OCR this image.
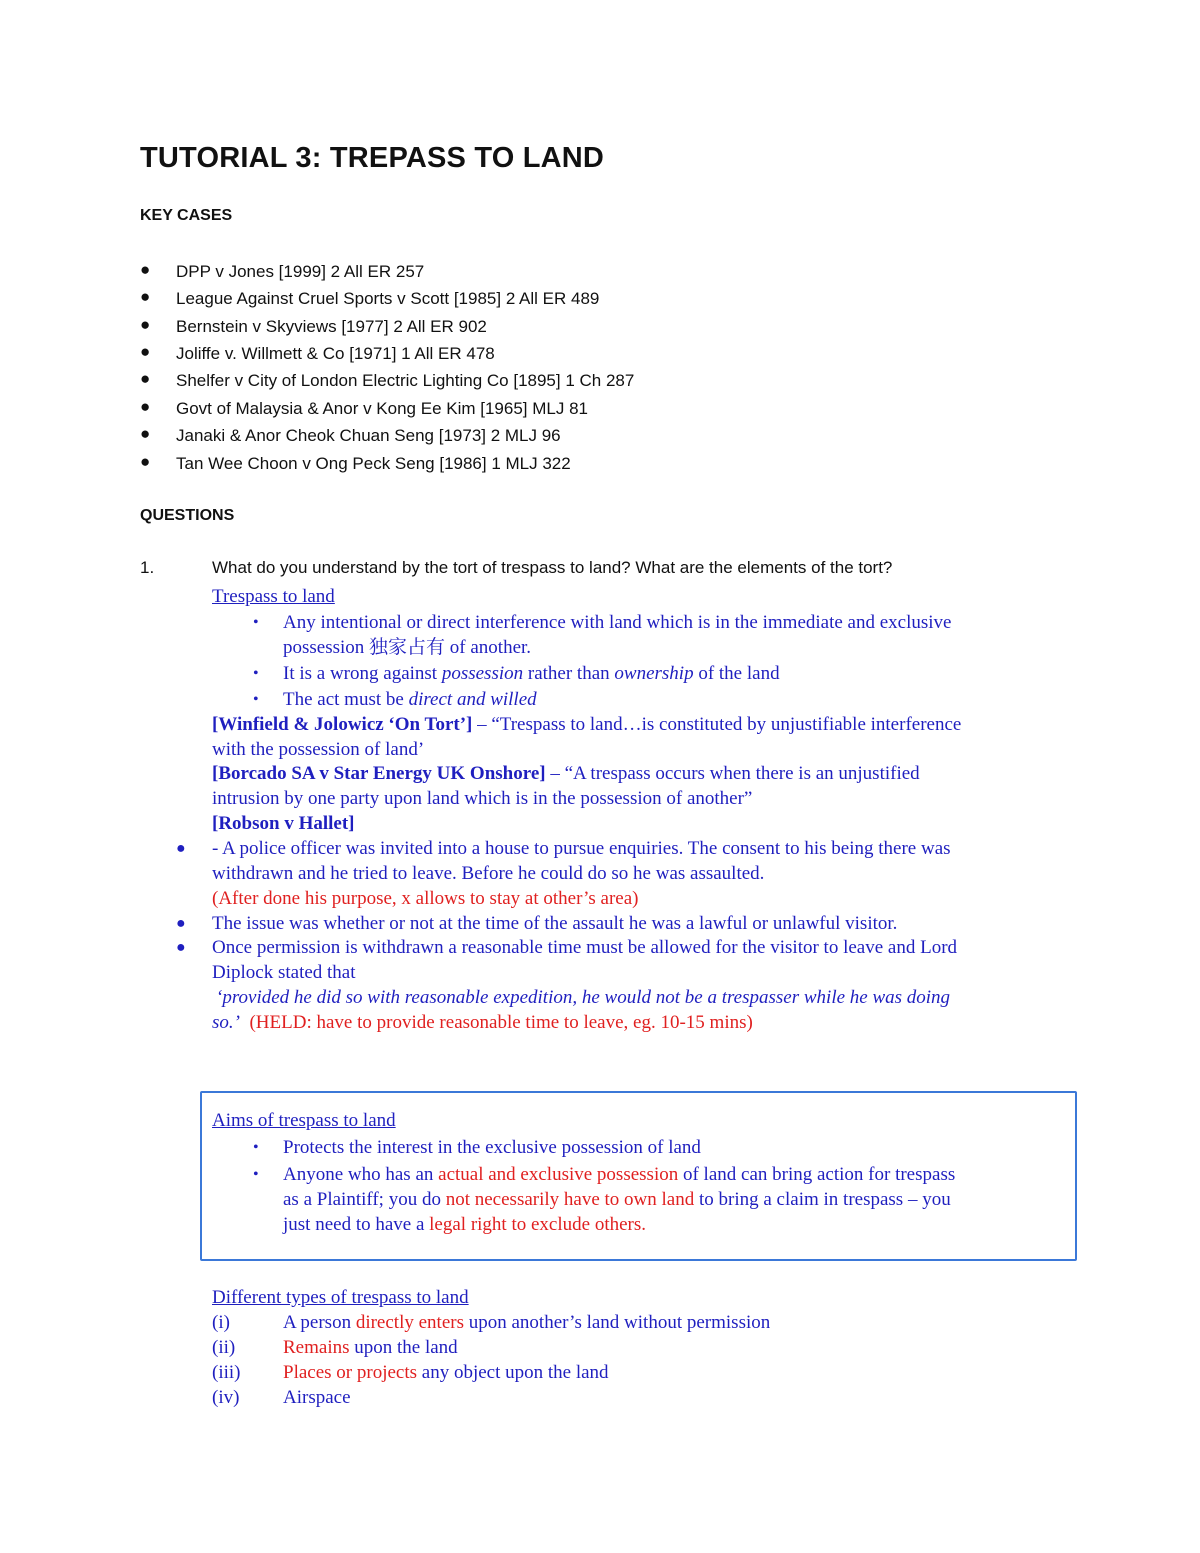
TUTORIAL 3: TREPASS TO LAND
KEY CASES
● DPP v Jones [1999] 2 All ER 257
● League Against Cruel Sports v Scott [1985] 2 All ER 489
● Bernstein v Skyviews [1977] 2 All ER 902
● Joliffe v. Willmett & Co [1971] 1 All ER 478
● Shelfer v City of London Electric Lighting Co [1895] 1 Ch 287
● Govt of Malaysia & Anor v Kong Ee Kim [1965] MLJ 81
● Janaki & Anor Cheok Chuan Seng [1973] 2 MLJ 96
● Tan Wee Choon v Ong Peck Seng [1986] 1 MLJ 322
QUESTIONS
1.	What do you understand by the tort of trespass to land? What are the elements of the tort?
Trespass to land
• Any intentional or direct interference with land which is in the immediate and exclusive
possession 独家占有 of another.
• It is a wrong against possession rather than ownership of the land
• The act must be direct and willed
[Winfield & Jolowicz ‘On Tort’] – “Trespass to land…is constituted by unjustifiable interference
with the possession of land’
[Borcado SA v Star Energy UK Onshore] – “A trespass occurs when there is an unjustified
intrusion by one party upon land which is in the possession of another”
[Robson v Hallet]
● - A police officer was invited into a house to pursue enquiries. The consent to his being there was
withdrawn and he tried to leave. Before he could do so he was assaulted.
(After done his purpose, x allows to stay at other’s area)
● The issue was whether or not at the time of the assault he was a lawful or unlawful visitor.
● Once permission is withdrawn a reasonable time must be allowed for the visitor to leave and Lord
Diplock stated that
‘provided he did so with reasonable expedition, he would not be a trespasser while he was doing
so.’ (HELD: have to provide reasonable time to leave, eg. 10-15 mins)
Aims of trespass to land
• Protects the interest in the exclusive possession of land
• Anyone who has an actual and exclusive possession of land can bring action for trespass
as a Plaintiff; you do not necessarily have to own land to bring a claim in trespass – you
just need to have a legal right to exclude others.
Different types of trespass to land
(i)	A person directly enters upon another’s land without permission
(ii)	Remains upon the land
(iii) Places or projects any object upon the land
(iv) Airspace
